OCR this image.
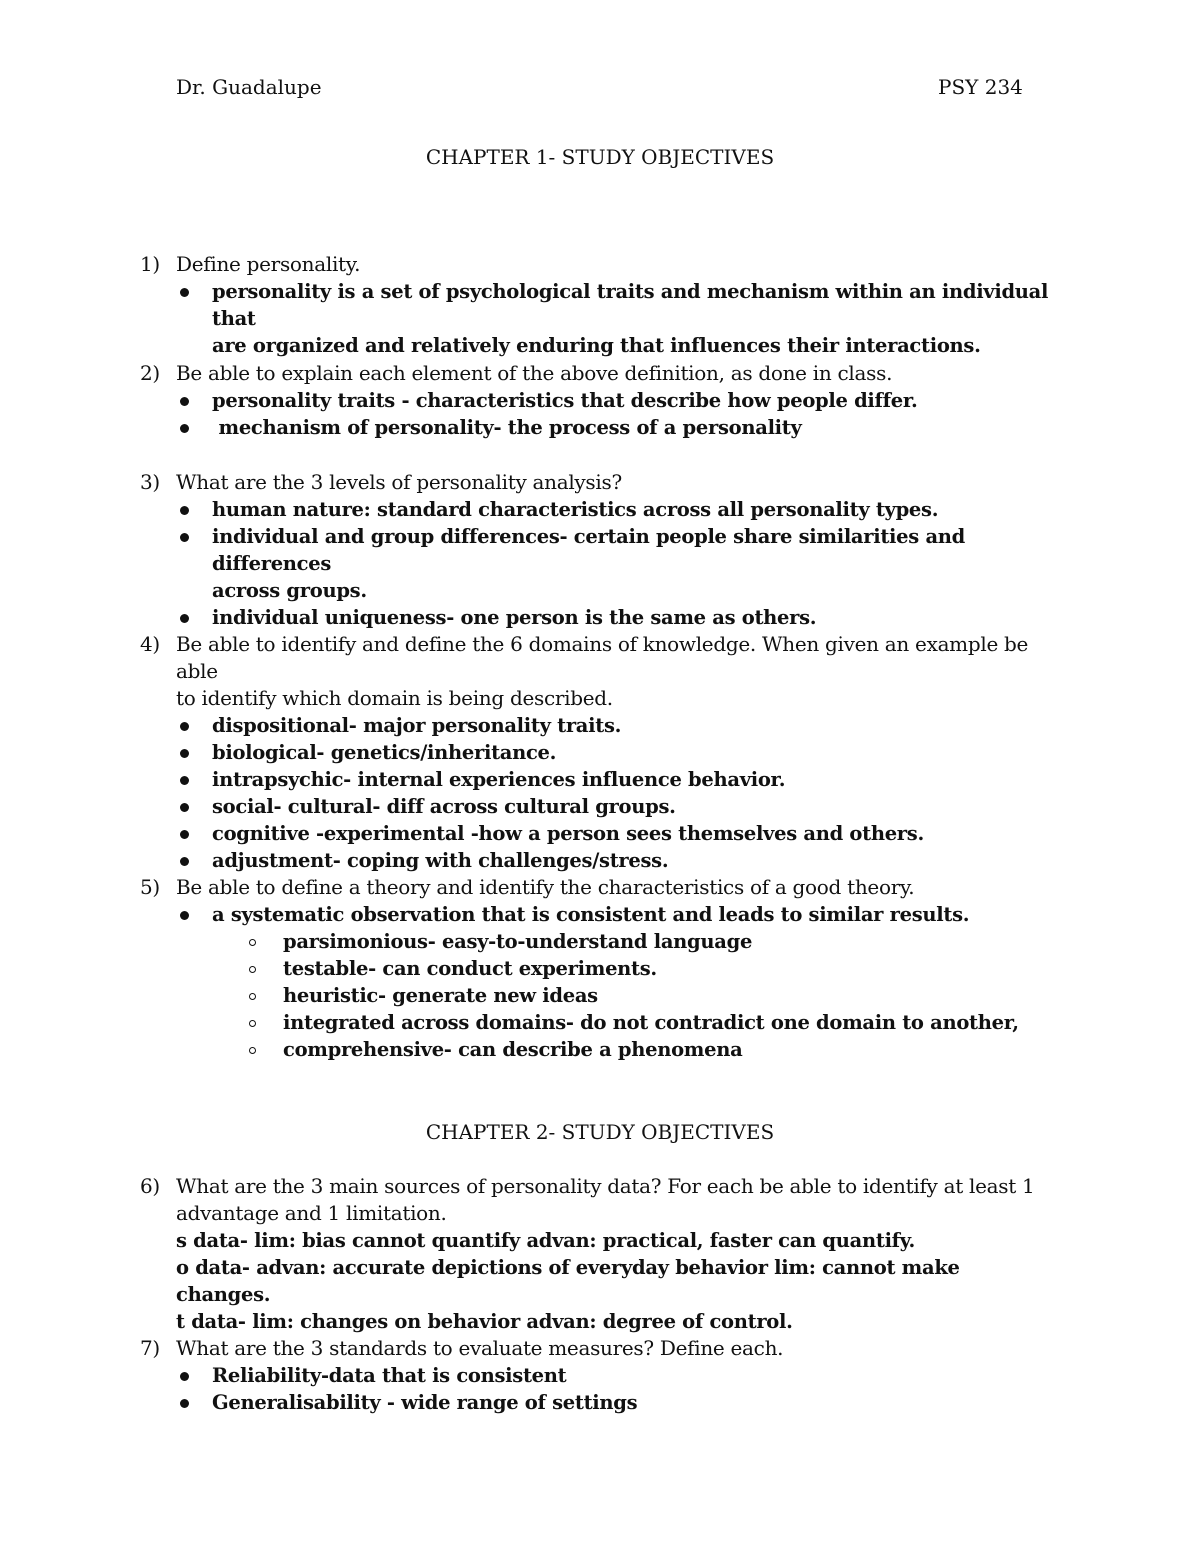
Dr. Guadalupe	PSY 234
CHAPTER 1- STUDY OBJECTIVES
1) Define personality.
personality is a set of psychological traits and mechanism within an individual that
are organized and relatively enduring that influences their interactions.
2) Be able to explain each element of the above definition, as done in class.
personality traits - characteristics that describe how people differ.
mechanism of personality- the process of a personality
3) What are the 3 levels of personality analysis?
human nature: standard characteristics across all personality types.
individual and group differences- certain people share similarities and differences
across groups.
individual uniqueness- one person is the same as others.
4) Be able to identify and define the 6 domains of knowledge. When given an example be able
to identify which domain is being described.
dispositional- major personality traits.
biological- genetics/inheritance.
intrapsychic- internal experiences influence behavior.
social- cultural- diff across cultural groups.
cognitive -experimental -how a person sees themselves and others.
adjustment- coping with challenges/stress.
5) Be able to define a theory and identify the characteristics of a good theory.
a systematic observation that is consistent and leads to similar results.
parsimonious- easy-to-understand language
testable- can conduct experiments.
heuristic- generate new ideas
integrated across domains- do not contradict one domain to another,
comprehensive- can describe a phenomena
CHAPTER 2- STUDY OBJECTIVES
6) What are the 3 main sources of personality data? For each be able to identify at least 1
advantage and 1 limitation.
s data- lim: bias cannot quantify advan: practical, faster can quantify.
o data- advan: accurate depictions of everyday behavior lim: cannot make changes.
t data- lim: changes on behavior advan: degree of control.
7) What are the 3 standards to evaluate measures? Define each.
Reliability-data that is consistent
Generalisability - wide range of settings
